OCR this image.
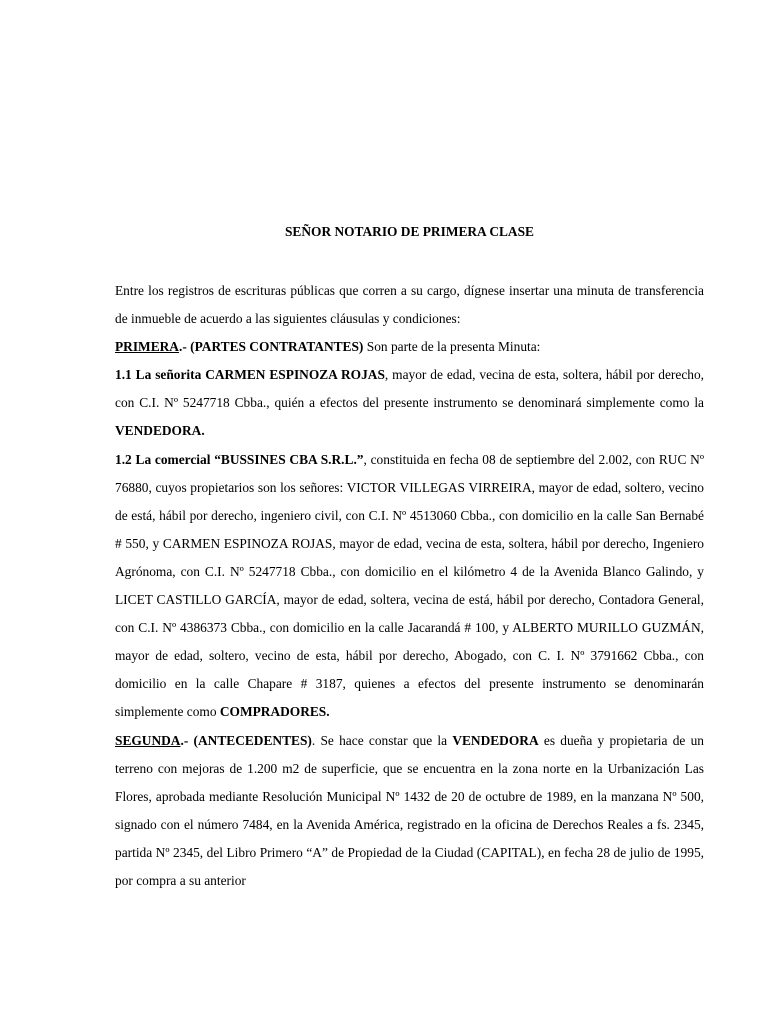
SEÑOR NOTARIO DE PRIMERA CLASE

Entre los registros de escrituras públicas que corren a su cargo, dígnese insertar una minuta de transferencia de inmueble de acuerdo a las siguientes cláusulas y condiciones:

PRIMERA.- (PARTES CONTRATANTES) Son parte de la presenta Minuta:

1.1 La señorita CARMEN ESPINOZA ROJAS, mayor de edad, vecina de esta, soltera, hábil por derecho, con C.I. Nº 5247718 Cbba., quién a efectos del presente instrumento se denominará simplemente como la VENDEDORA.

1.2 La comercial “BUSSINES CBA S.R.L.”, constituida en fecha 08 de septiembre del 2.002, con RUC Nº 76880, cuyos propietarios son los señores: VICTOR VILLEGAS VIRREIRA, mayor de edad, soltero, vecino de está, hábil por derecho, ingeniero civil, con C.I. Nº 4513060 Cbba., con domicilio en la calle San Bernabé # 550, y CARMEN ESPINOZA ROJAS, mayor de edad, vecina de esta, soltera, hábil por derecho, Ingeniero Agrónoma, con C.I. Nº 5247718 Cbba., con domicilio en el kilómetro 4 de la Avenida Blanco Galindo, y LICET CASTILLO GARCÍA, mayor de edad, soltera, vecina de está, hábil por derecho, Contadora General, con C.I. Nº 4386373 Cbba., con domicilio en la calle Jacarandá # 100, y ALBERTO MURILLO GUZMÁN, mayor de edad, soltero, vecino de esta, hábil por derecho, Abogado, con C. I. Nº 3791662 Cbba., con domicilio en la calle Chapare # 3187, quienes a efectos del presente instrumento se denominarán simplemente como COMPRADORES.

SEGUNDA.- (ANTECEDENTES). Se hace constar que la VENDEDORA es dueña y propietaria de un terreno con mejoras de 1.200 m2 de superficie, que se encuentra en la zona norte en la Urbanización Las Flores, aprobada mediante Resolución Municipal Nº 1432 de 20 de octubre de 1989, en la manzana Nº 500, signado con el número 7484, en la Avenida América, registrado en la oficina de Derechos Reales a fs. 2345, partida Nº 2345, del Libro Primero “A” de Propiedad de la Ciudad (CAPITAL), en fecha 28 de julio de 1995, por compra a su anterior
